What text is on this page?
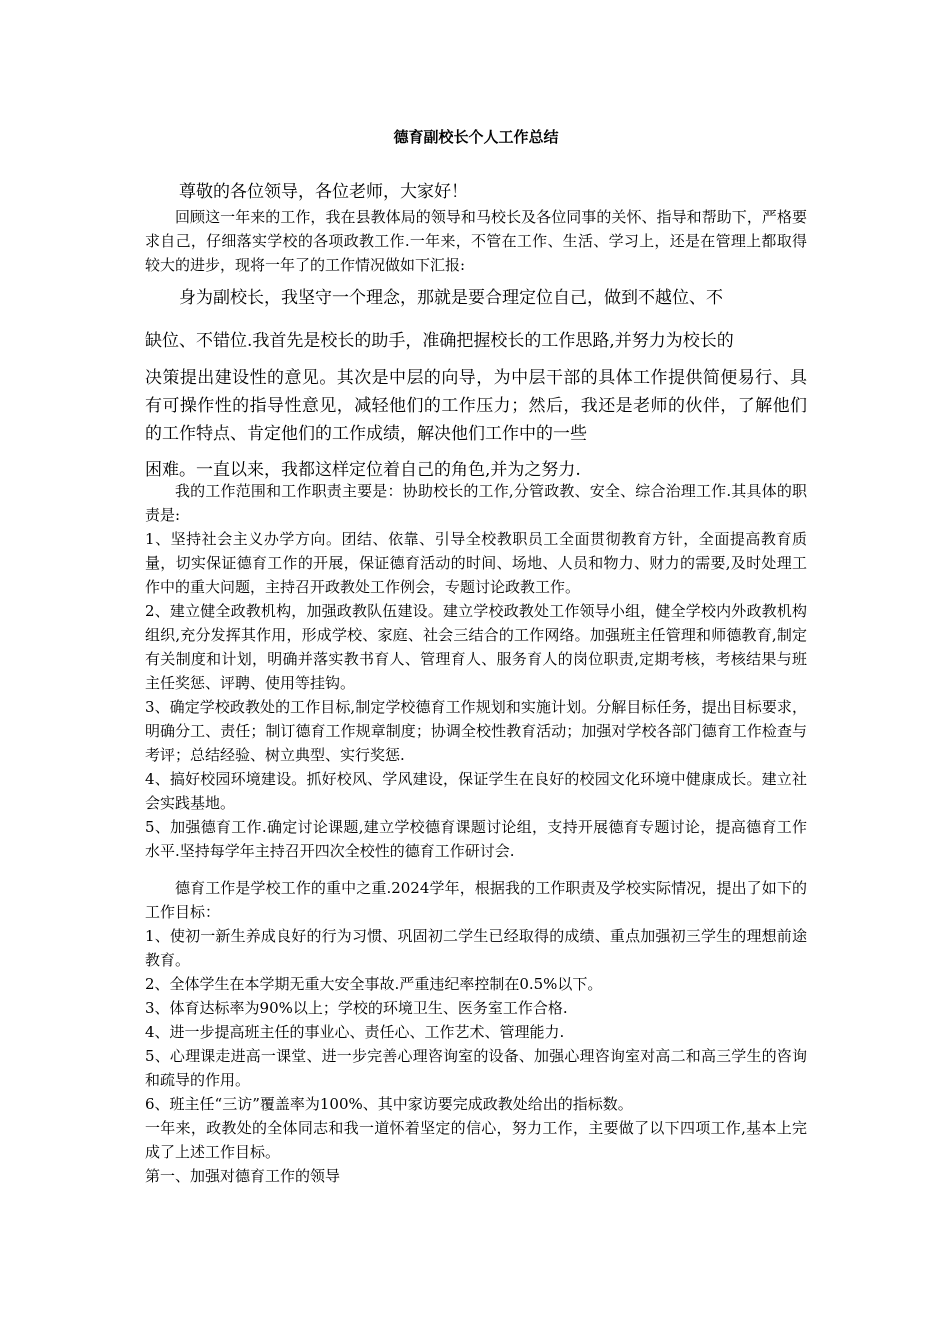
德育副校长个人工作总结

尊敬的各位领导，各位老师，大家好！

回顾这一年来的工作，我在县教体局的领导和马校长及各位同事的关怀、指导和帮助下，严格要求自己，仔细落实学校的各项政教工作.一年来，不管在工作、生活、学习上，还是在管理上都取得较大的进步，现将一年了的工作情况做如下汇报:

身为副校长，我坚守一个理念，那就是要合理定位自己，做到不越位、不

缺位、不错位.我首先是校长的助手，准确把握校长的工作思路,并努力为校长的

决策提出建设性的意见。其次是中层的向导，为中层干部的具体工作提供简便易行、具有可操作性的指导性意见，减轻他们的工作压力；然后，我还是老师的伙伴，了解他们的工作特点、肯定他们的工作成绩，解决他们工作中的一些

困难。一直以来，我都这样定位着自己的角色,并为之努力.

我的工作范围和工作职责主要是：协助校长的工作,分管政教、安全、综合治理工作.其具体的职责是:

1、坚持社会主义办学方向。团结、依靠、引导全校教职员工全面贯彻教育方针，全面提高教育质量，切实保证德育工作的开展，保证德育活动的时间、场地、人员和物力、财力的需要,及时处理工作中的重大问题，主持召开政教处工作例会，专题讨论政教工作。

2、建立健全政教机构，加强政教队伍建设。建立学校政教处工作领导小组，健全学校内外政教机构组织,充分发挥其作用，形成学校、家庭、社会三结合的工作网络。加强班主任管理和师德教育,制定有关制度和计划，明确并落实教书育人、管理育人、服务育人的岗位职责,定期考核，考核结果与班主任奖惩、评聘、使用等挂钩。

3、确定学校政教处的工作目标,制定学校德育工作规划和实施计划。分解目标任务，提出目标要求，明确分工、责任；制订德育工作规章制度；协调全校性教育活动；加强对学校各部门德育工作检查与考评；总结经验、树立典型、实行奖惩.

4、搞好校园环境建设。抓好校风、学风建设，保证学生在良好的校园文化环境中健康成长。建立社会实践基地。

5、加强德育工作.确定讨论课题,建立学校德育课题讨论组，支持开展德育专题讨论，提高德育工作水平.坚持每学年主持召开四次全校性的德育工作研讨会.

德育工作是学校工作的重中之重.2024学年，根据我的工作职责及学校实际情况，提出了如下的工作目标：

1、使初一新生养成良好的行为习惯、巩固初二学生已经取得的成绩、重点加强初三学生的理想前途教育。

2、全体学生在本学期无重大安全事故.严重违纪率控制在0.5%以下。

3、体育达标率为90%以上；学校的环境卫生、医务室工作合格.

4、进一步提高班主任的事业心、责任心、工作艺术、管理能力.

5、心理课走进高一课堂、进一步完善心理咨询室的设备、加强心理咨询室对高二和高三学生的咨询和疏导的作用。

6、班主任“三访”覆盖率为100%、其中家访要完成政教处给出的指标数。

一年来，政教处的全体同志和我一道怀着坚定的信心，努力工作，主要做了以下四项工作,基本上完成了上述工作目标。

第一、加强对德育工作的领导
